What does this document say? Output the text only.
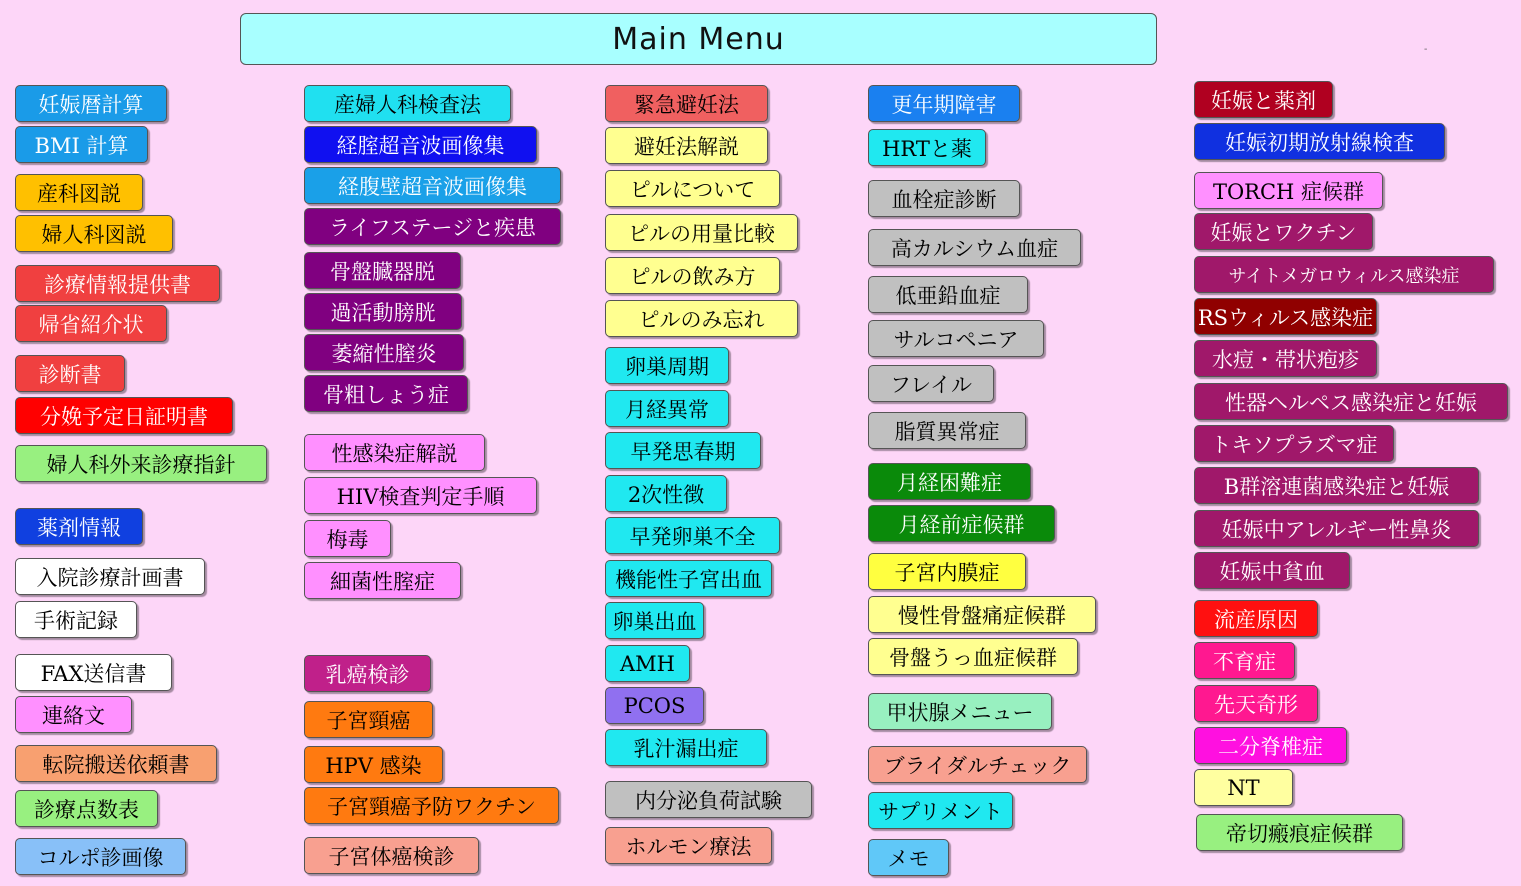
Main Menu	-
妊娠暦計算
BMI 計算
産科図説
婦人科図説
診療情報提供書
帰省紹介状
診断書
分娩予定日証明書
婦人科外来診療指針
薬剤情報
入院診療計画書
手術記録
FAX送信書
連絡文
転院搬送依頼書
診療点数表
コルポ診画像
産婦人科検査法
経腟超音波画像集
経腹壁超音波画像集
ライフステージと疾患
骨盤臓器脱
過活動膀胱
萎縮性膣炎
骨粗しょう症
性感染症解説
HIV検査判定手順
梅毒
細菌性腟症
乳癌検診
子宮頸癌
HPV 感染
子宮頸癌予防ワクチン
子宮体癌検診
緊急避妊法
避妊法解説
ピルについて
ピルの用量比較
ピルの飲み方
ピルのみ忘れ
卵巣周期
月経異常
早発思春期
2次性徴
早発卵巣不全
機能性子宮出血
卵巣出血
AMH
PCOS
乳汁漏出症
内分泌負荷試験
ホルモン療法
更年期障害
HRTと薬
血栓症診断
高カルシウム血症
低亜鉛血症
サルコペニア
フレイル
脂質異常症
月経困難症
月経前症候群
子宮内膜症
慢性骨盤痛症候群
骨盤うっ血症候群
甲状腺メニュー
ブライダルチェック
サプリメント
メモ
妊娠と薬剤
妊娠初期放射線検査
TORCH 症候群
妊娠とワクチン
サイトメガロウィルス感染症
RSウィルス感染症
水痘・帯状疱疹
性器ヘルペス感染症と妊娠
トキソプラズマ症
B群溶連菌感染症と妊娠
妊娠中アレルギー性鼻炎
妊娠中貧血
流産原因
不育症
先天奇形
二分脊椎症
NT
帝切瘢痕症候群
